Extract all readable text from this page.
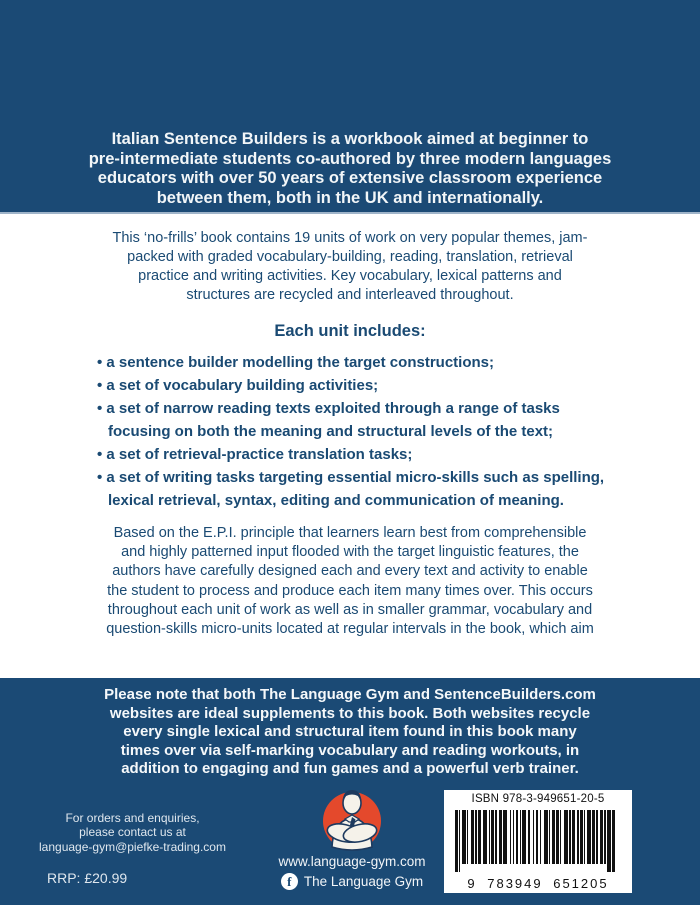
Italian Sentence Builders is a workbook aimed at beginner to
pre-intermediate students co-authored by three modern languages
educators with over 50 years of extensive classroom experience
between them, both in the UK and internationally.
This ‘no-frills’ book contains 19 units of work on very popular themes, jam-
packed with graded vocabulary-building, reading, translation, retrieval
practice and writing activities. Key vocabulary, lexical patterns and
structures are recycled and interleaved throughout.
Each unit includes:
• a sentence builder modelling the target constructions;
• a set of vocabulary building activities;
• a set of narrow reading texts exploited through a range of tasks
focusing on both the meaning and structural levels of the text;
• a set of retrieval-practice translation tasks;
• a set of writing tasks targeting essential micro-skills such as spelling,
lexical retrieval, syntax, editing and communication of meaning.
Based on the E.P.I. principle that learners learn best from comprehensible
and highly patterned input flooded with the target linguistic features, the
authors have carefully designed each and every text and activity to enable
the student to process and produce each item many times over. This occurs
throughout each unit of work as well as in smaller grammar, vocabulary and
question-skills micro-units located at regular intervals in the book, which aim
Please note that both The Language Gym and SentenceBuilders.com
websites are ideal supplements to this book. Both websites recycle
every single lexical and structural item found in this book many
times over via self-marking vocabulary and reading workouts, in
addition to engaging and fun games and a powerful verb trainer.
For orders and enquiries,
please contact us at
language-gym@piefke-trading.com
RRP: £20.99
www.language-gym.com
f The Language Gym
ISBN 978-3-949651-20-5
9 783949 651205
